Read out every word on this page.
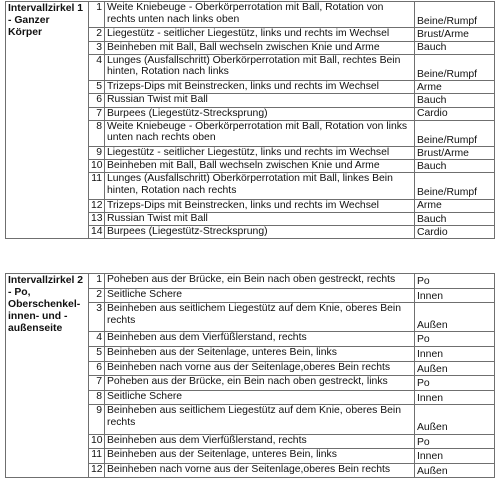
Intervallzirkel 1 - Ganzer Körper	1	Weite Kniebeuge - Oberkörperrotation mit Ball, Rotation von rechts unten nach links oben	Beine/Rumpf
	2	Liegestütz - seitlicher Liegestütz, links und rechts im Wechsel	Brust/Arme
	3	Beinheben mit Ball, Ball wechseln zwischen Knie und Arme	Bauch
	4	Lunges (Ausfallschritt) Oberkörperrotation mit Ball, rechtes Bein hinten, Rotation nach links	Beine/Rumpf
	5	Trizeps-Dips mit Beinstrecken, links und rechts im Wechsel	Arme
	6	Russian Twist mit Ball	Bauch
	7	Burpees (Liegestütz-Strecksprung)	Cardio
	8	Weite Kniebeuge - Oberkörperrotation mit Ball, Rotation von links unten nach rechts oben	Beine/Rumpf
	9	Liegestütz - seitlicher Liegestütz, links und rechts im Wechsel	Brust/Arme
	10	Beinheben mit Ball, Ball wechseln zwischen Knie und Arme	Bauch
	11	Lunges (Ausfallschritt) Oberkörperrotation mit Ball, linkes Bein hinten, Rotation nach rechts	Beine/Rumpf
	12	Trizeps-Dips mit Beinstrecken, links und rechts im Wechsel	Arme
	13	Russian Twist mit Ball	Bauch
	14	Burpees (Liegestütz-Strecksprung)	Cardio
Intervallzirkel 2 - Po, Oberschenkel-innen- und -außenseite	1	Poheben aus der Brücke, ein Bein nach oben gestreckt, rechts	Po
	2	Seitliche Schere	Innen
	3	Beinheben aus seitlichem Liegestütz auf dem Knie, oberes Bein rechts	Außen
	4	Beinheben aus dem Vierfüßlerstand, rechts	Po
	5	Beinheben aus der Seitenlage, unteres Bein, links	Innen
	6	Beinheben nach vorne aus der Seitenlage,oberes Bein rechts	Außen
	7	Poheben aus der Brücke, ein Bein nach oben gestreckt, links	Po
	8	Seitliche Schere	Innen
	9	Beinheben aus seitlichem Liegestütz auf dem Knie, oberes Bein rechts	Außen
	10	Beinheben aus dem Vierfüßlerstand, rechts	Po
	11	Beinheben aus der Seitenlage, unteres Bein, links	Innen
	12	Beinheben nach vorne aus der Seitenlage,oberes Bein rechts	Außen
